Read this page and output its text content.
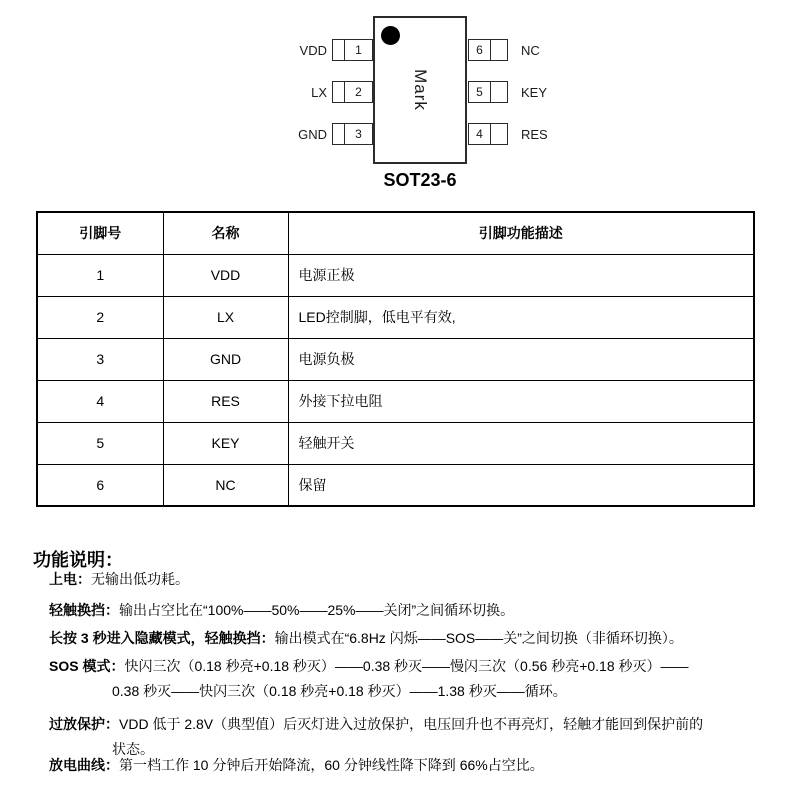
Mark
VDD	1
LX	2
GND	3
6	NC
5	KEY
4	RES
SOT23-6
引脚号	名称	引脚功能描述
1	VDD	电源正极
2	LX	LED控制脚，低电平有效,
3	GND	电源负极
4	RES	外接下拉电阻
5	KEY	轻触开关
6	NC	保留
功能说明：

上电：无输出低功耗。

轻触换挡：输出占空比在“100%——50%——25%——关闭”之间循环切换。

长按 3 秒进入隐藏模式，轻触换挡：输出模式在“6.8Hz 闪烁——SOS——关”之间切换（非循环切换）。

SOS 模式：快闪三次（0.18 秒亮+0.18 秒灭）——0.38 秒灭——慢闪三次（0.56 秒亮+0.18 秒灭）——
0.38 秒灭——快闪三次（0.18 秒亮+0.18 秒灭）——1.38 秒灭——循环。

过放保护：VDD 低于 2.8V（典型值）后灭灯进入过放保护，电压回升也不再亮灯，轻触才能回到保护前的
状态。

放电曲线：第一档工作 10 分钟后开始降流，60 分钟线性降下降到 66%占空比。
